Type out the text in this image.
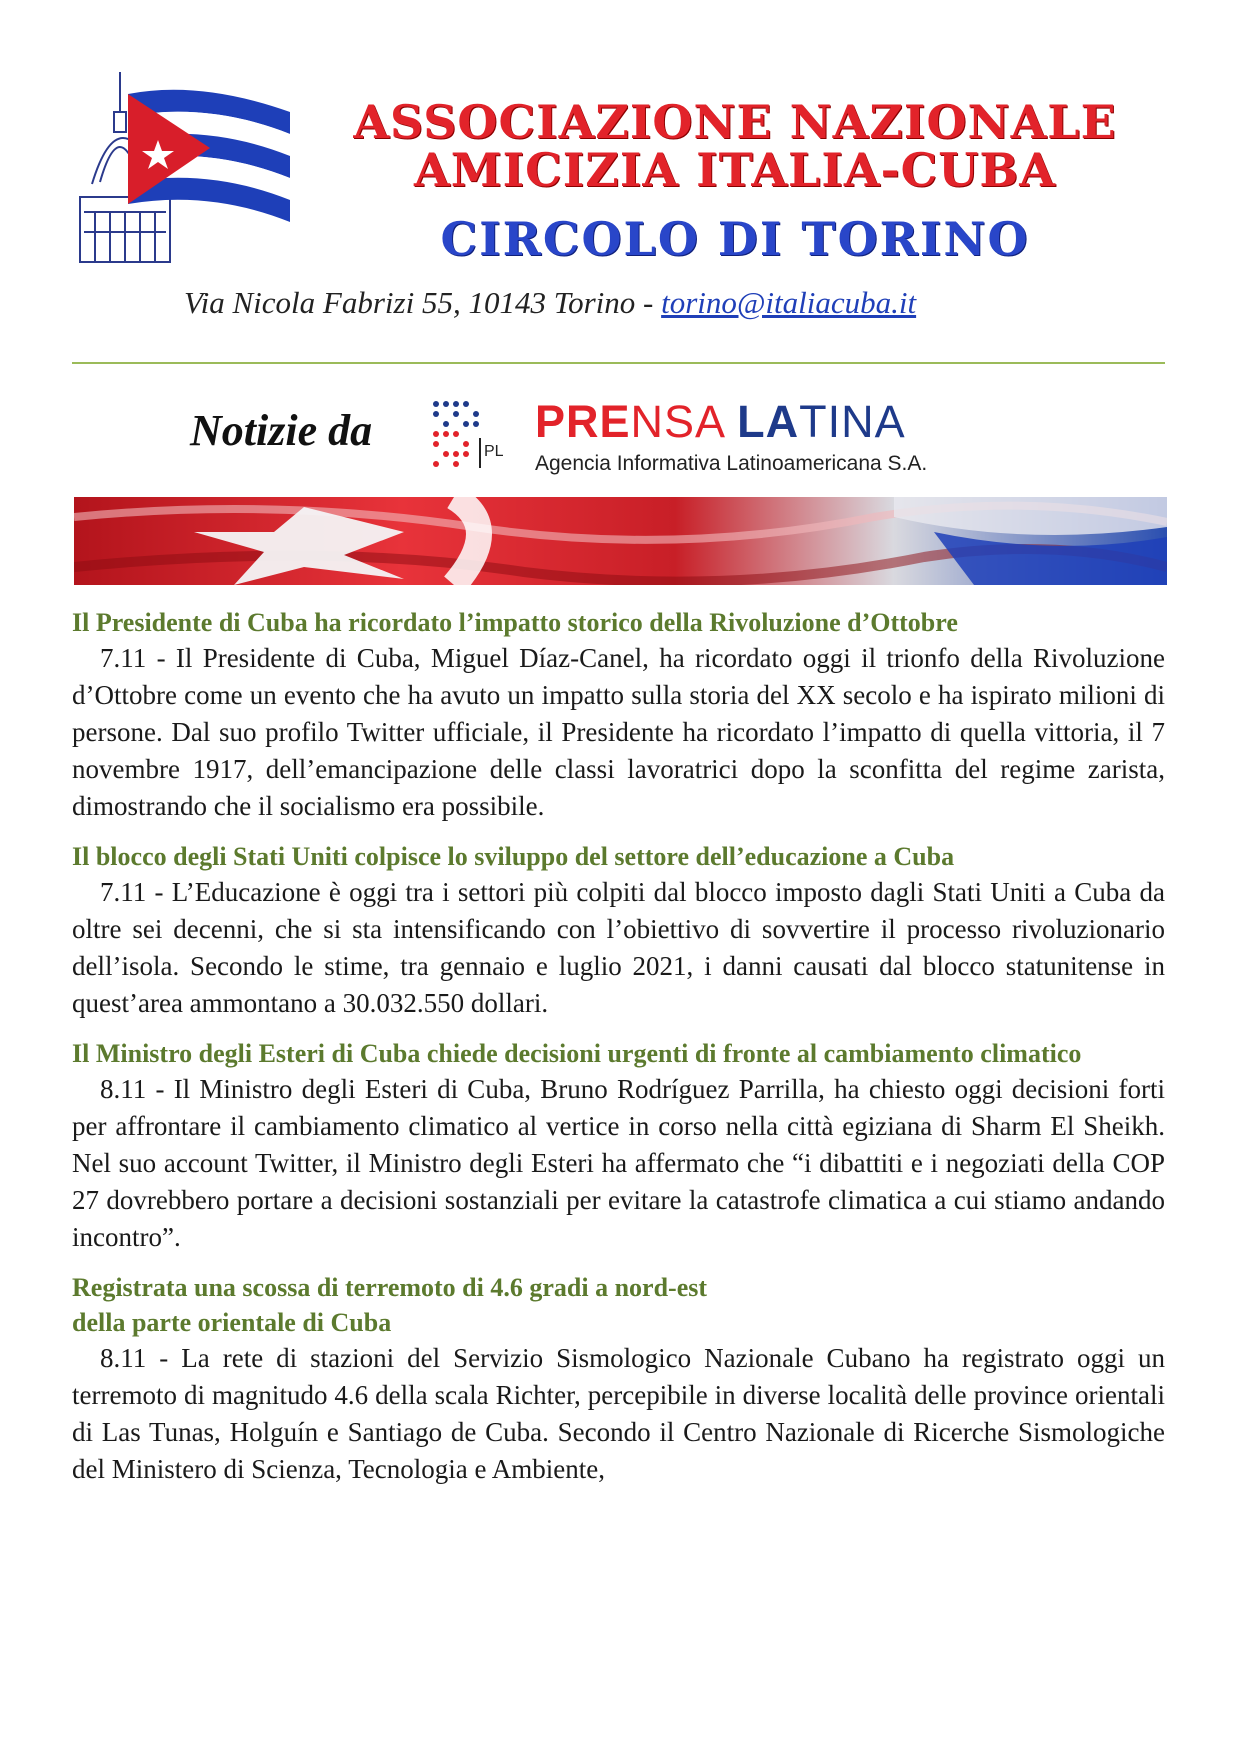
ASSOCIAZIONE NAZIONALE
AMICIZIA ITALIA-CUBA
CIRCOLO DI TORINO
Via Nicola Fabrizi 55, 10143 Torino - torino@italiacuba.it
Notizie da	PL
PRENSA LATINA
Agencia Informativa Latinoamericana S.A.
Il Presidente di Cuba ha ricordato l’impatto storico della Rivoluzione d’Ottobre

7.11 - Il Presidente di Cuba, Miguel Díaz-Canel, ha ricordato oggi il trionfo della Rivoluzione d’Ottobre come un evento che ha avuto un impatto sulla storia del XX secolo e ha ispirato milioni di persone. Dal suo profilo Twitter ufficiale, il Presidente ha ricordato l’impatto di quella vittoria, il 7 novembre 1917, dell’emancipazione delle classi lavoratrici dopo la sconfitta del regime zarista, dimostrando che il socialismo era possibile.

Il blocco degli Stati Uniti colpisce lo sviluppo del settore dell’educazione a Cuba

7.11 - L’Educazione è oggi tra i settori più colpiti dal blocco imposto dagli Stati Uniti a Cuba da oltre sei decenni, che si sta intensificando con l’obiettivo di sovvertire il processo rivoluzionario dell’isola. Secondo le stime, tra gennaio e luglio 2021, i danni causati dal blocco statunitense in quest’area ammontano a 30.032.550 dollari.

Il Ministro degli Esteri di Cuba chiede decisioni urgenti di fronte al cambiamento climatico

8.11 - Il Ministro degli Esteri di Cuba, Bruno Rodríguez Parrilla, ha chiesto oggi decisioni forti per affrontare il cambiamento climatico al vertice in corso nella città egiziana di Sharm El Sheikh. Nel suo account Twitter, il Ministro degli Esteri ha affermato che “i dibattiti e i negoziati della COP 27 dovrebbero portare a decisioni sostanziali per evitare la catastrofe climatica a cui stiamo andando incontro”.

Registrata una scossa di terremoto di 4.6 gradi a nord-est
della parte orientale di Cuba

8.11 - La rete di stazioni del Servizio Sismologico Nazionale Cubano ha registrato oggi un terremoto di magnitudo 4.6 della scala Richter, percepibile in diverse località delle province orientali di Las Tunas, Holguín e Santiago de Cuba. Secondo il Centro Nazionale di Ricerche Sismologiche del Ministero di Scienza, Tecnologia e Ambiente,
